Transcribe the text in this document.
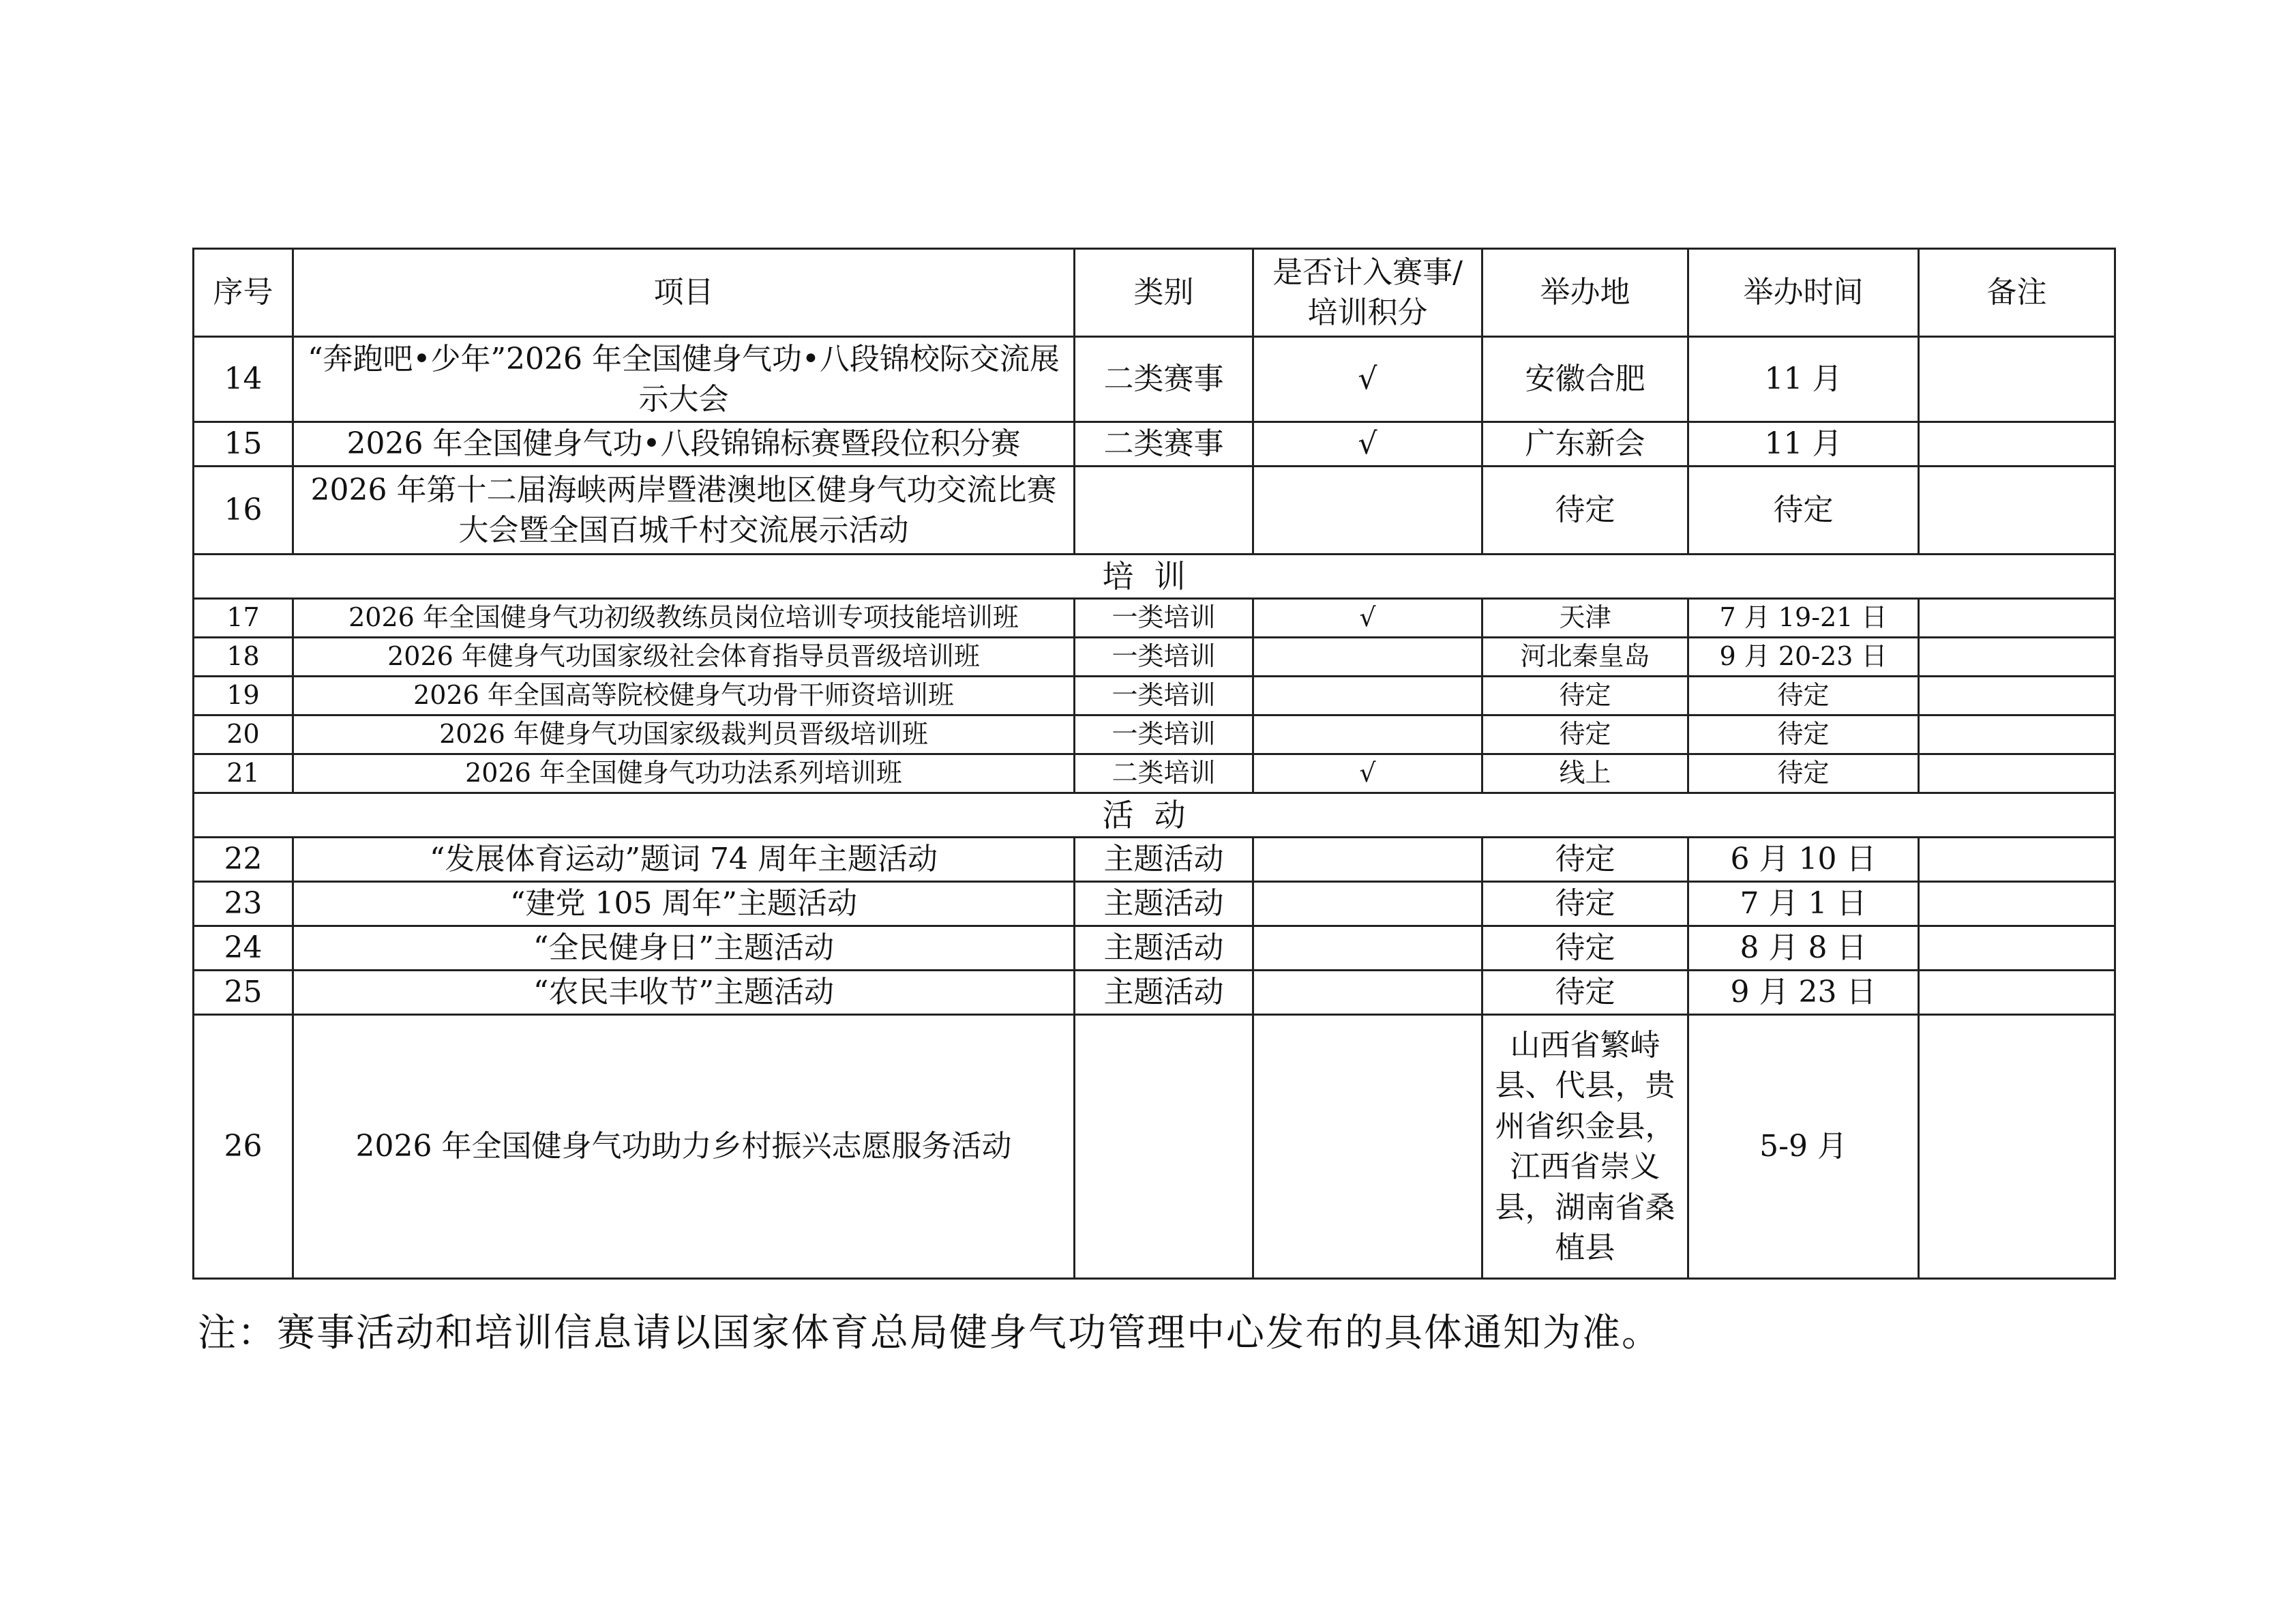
序号	项目	类别	是否计入赛事/培训积分	举办地	举办时间	备注
14	“奔跑吧•少年”2026 年全国健身气功•八段锦校际交流展示大会	二类赛事	√	安徽合肥	11 月	
15	2026 年全国健身气功•八段锦锦标赛暨段位积分赛	二类赛事	√	广东新会	11 月	
16	2026 年第十二届海峡两岸暨港澳地区健身气功交流比赛大会暨全国百城千村交流展示活动			待定	待定	
培训						
17	2026 年全国健身气功初级教练员岗位培训专项技能培训班	一类培训	√	天津	7 月 19-21 日	
18	2026 年健身气功国家级社会体育指导员晋级培训班	一类培训		河北秦皇岛	9 月 20-23 日	
19	2026 年全国高等院校健身气功骨干师资培训班	一类培训		待定	待定	
20	2026 年健身气功国家级裁判员晋级培训班	一类培训		待定	待定	
21	2026 年全国健身气功功法系列培训班	二类培训	√	线上	待定	
活动						
22	“发展体育运动”题词 74 周年主题活动	主题活动		待定	6 月 10 日	
23	“建党 105 周年”主题活动	主题活动		待定	7 月 1 日	
24	“全民健身日”主题活动	主题活动		待定	8 月 8 日	
25	“农民丰收节”主题活动	主题活动		待定	9 月 23 日	
26	2026 年全国健身气功助力乡村振兴志愿服务活动			山西省繁峙县、代县，贵州省织金县，江西省崇义县，湖南省桑植县	5-9 月	
注：赛事活动和培训信息请以国家体育总局健身气功管理中心发布的具体通知为准。
